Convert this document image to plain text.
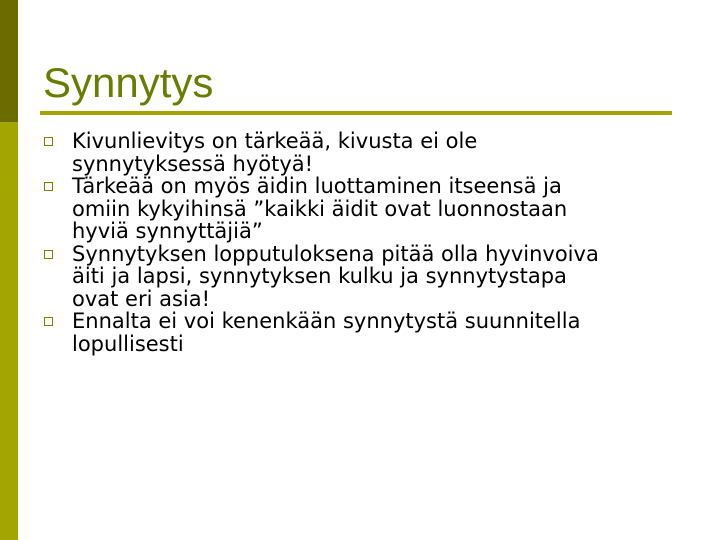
Synnytys
Kivunlievitys on tärkeää, kivusta ei ole
synnytyksessä hyötyä!
Tärkeää on myös äidin luottaminen itseensä ja
omiin kykyihinsä ”kaikki äidit ovat luonnostaan
hyviä synnyttäjiä”
Synnytyksen lopputuloksena pitää olla hyvinvoiva
äiti ja lapsi, synnytyksen kulku ja synnytystapa
ovat eri asia!
Ennalta ei voi kenenkään synnytystä suunnitella
lopullisesti
